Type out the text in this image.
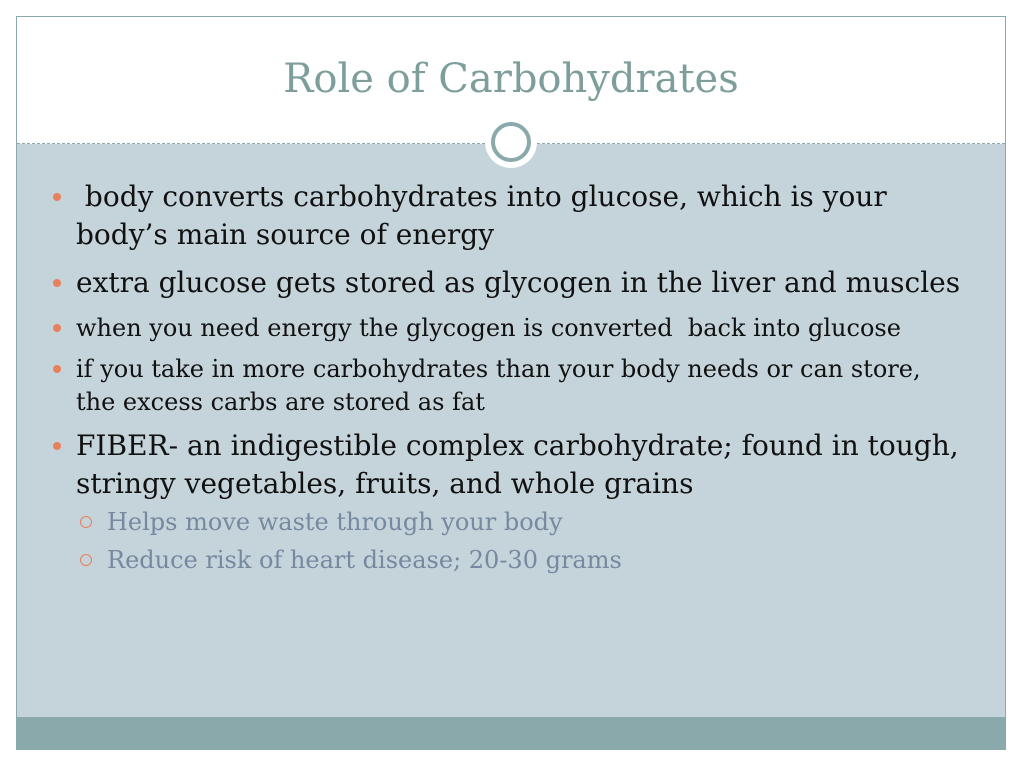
Role of Carbohydrates
body converts carbohydrates into glucose, which is your body’s main source of energy
extra glucose gets stored as glycogen in the liver and muscles
when you need energy the glycogen is converted  back into glucose
if you take in more carbohydrates than your body needs or can store, the excess carbs are stored as fat
FIBER- an indigestible complex carbohydrate; found in tough, stringy vegetables, fruits, and whole grains
Helps move waste through your body
Reduce risk of heart disease; 20-30 grams
